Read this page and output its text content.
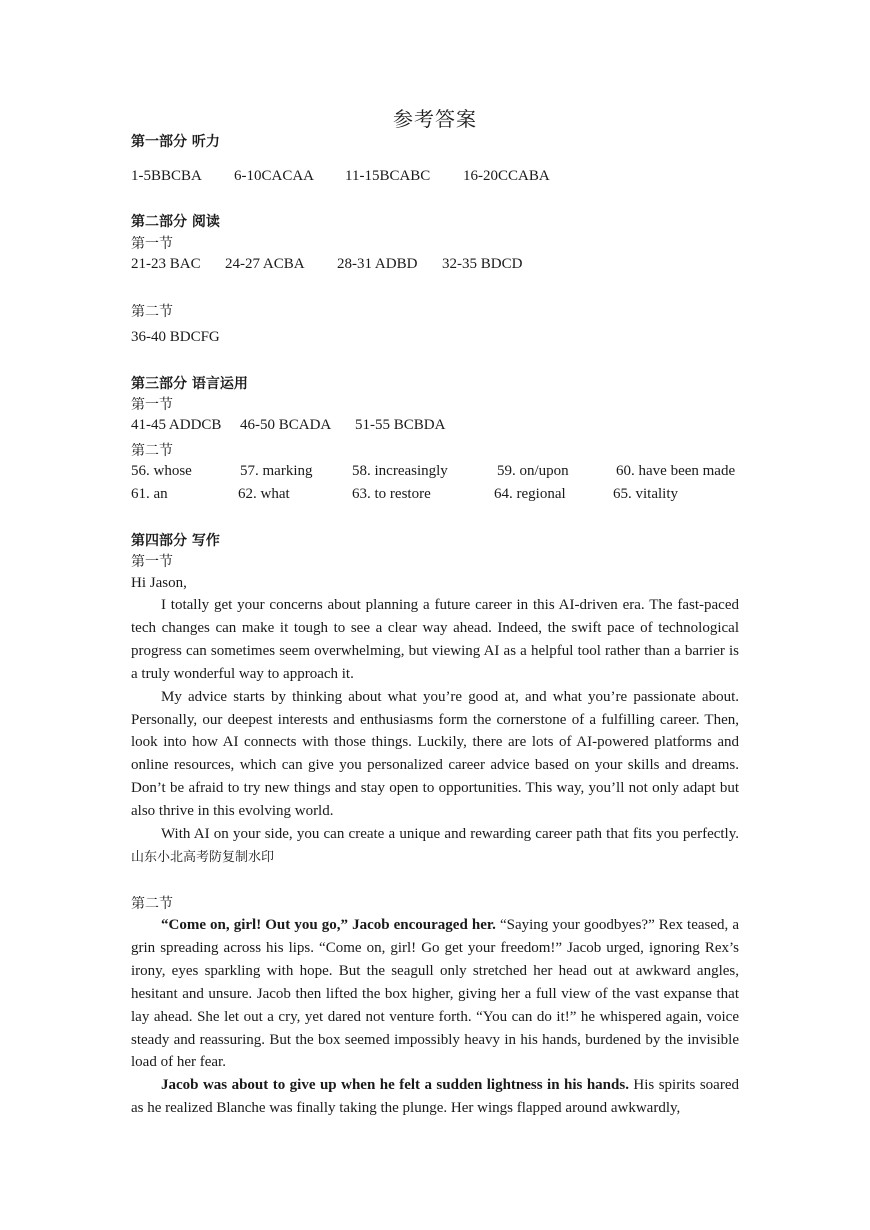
参考答案
第一部分 听力
1-5BBCBA 6-10CACAA 11-15BCABC 16-20CCABA
第二部分 阅读
第一节
21-23 BAC 24-27 ACBA 28-31 ADBD 32-35 BDCD
第二节
36-40 BDCFG
第三部分 语言运用
第一节
41-45 ADDCB 46-50 BCADA 51-55 BCBDA
第二节
56. whose	57. marking	58. increasingly	59. on/upon	60. have been made
61. an	62. what	63. to restore	64. regional	65. vitality
第四部分 写作
第一节
Hi Jason,
I totally get your concerns about planning a future career in this AI-driven era. The fast-paced tech changes can make it tough to see a clear way ahead. Indeed, the swift pace of technological progress can sometimes seem overwhelming, but viewing AI as a helpful tool rather than a barrier is a truly wonderful way to approach it.
My advice starts by thinking about what you’re good at, and what you’re passionate about. Personally, our deepest interests and enthusiasms form the cornerstone of a fulfilling career. Then, look into how AI connects with those things. Luckily, there are lots of AI-powered platforms and online resources, which can give you personalized career advice based on your skills and dreams. Don’t be afraid to try new things and stay open to opportunities. This way, you’ll not only adapt but also thrive in this evolving world.
With AI on your side, you can create a unique and rewarding career path that fits you perfectly. 山东小北高考防复制水印
第二节
“Come on, girl! Out you go,” Jacob encouraged her. “Saying your goodbyes?” Rex teased, a grin spreading across his lips. “Come on, girl! Go get your freedom!” Jacob urged, ignoring Rex’s irony, eyes sparkling with hope. But the seagull only stretched her head out at awkward angles, hesitant and unsure. Jacob then lifted the box higher, giving her a full view of the vast expanse that lay ahead. She let out a cry, yet dared not venture forth. “You can do it!” he whispered again, voice steady and reassuring. But the box seemed impossibly heavy in his hands, burdened by the invisible load of her fear.
Jacob was about to give up when he felt a sudden lightness in his hands. His spirits soared as he realized Blanche was finally taking the plunge. Her wings flapped around awkwardly,
